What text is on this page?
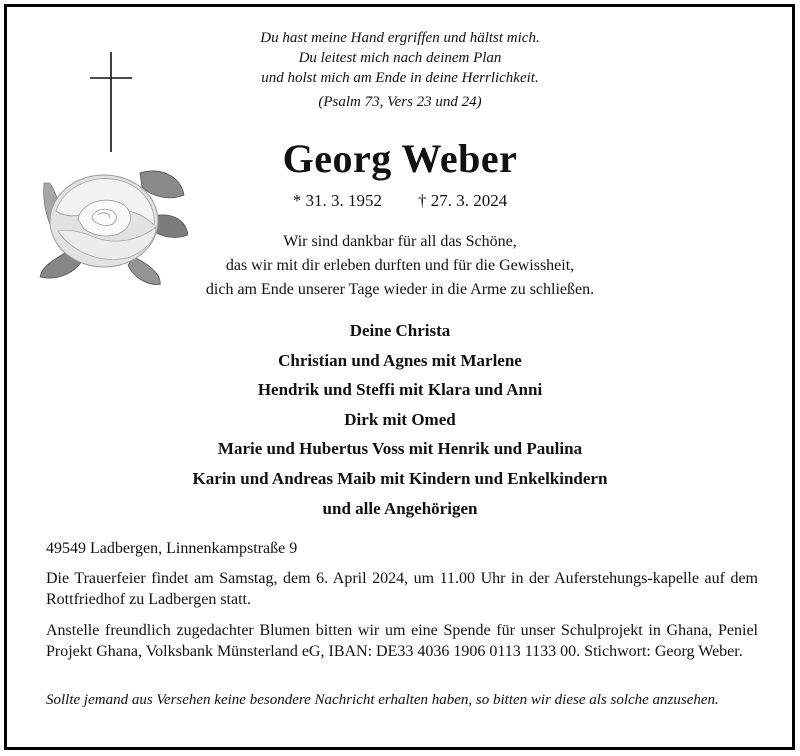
Du hast meine Hand ergriffen und hältst mich.
Du leitest mich nach deinem Plan
und holst mich am Ende in deine Herrlichkeit.
(Psalm 73, Vers 23 und 24)
Georg Weber
* 31. 3. 1952 † 27. 3. 2024
Wir sind dankbar für all das Schöne,
das wir mit dir erleben durften und für die Gewissheit,
dich am Ende unserer Tage wieder in die Arme zu schließen.
Deine Christa
Christian und Agnes mit Marlene
Hendrik und Steffi mit Klara und Anni
Dirk mit Omed
Marie und Hubertus Voss mit Henrik und Paulina
Karin und Andreas Maib mit Kindern und Enkelkindern
und alle Angehörigen
49549 Ladbergen, Linnenkampstraße 9
Die Trauerfeier findet am Samstag, dem 6. April 2024, um 11.00 Uhr in der Auferstehungs-kapelle auf dem Rottfriedhof zu Ladbergen statt.
Anstelle freundlich zugedachter Blumen bitten wir um eine Spende für unser Schulprojekt in Ghana, Peniel Projekt Ghana, Volksbank Münsterland eG, IBAN: DE33 4036 1906 0113 1133 00. Stichwort: Georg Weber.
Sollte jemand aus Versehen keine besondere Nachricht erhalten haben, so bitten wir diese als solche anzusehen.
